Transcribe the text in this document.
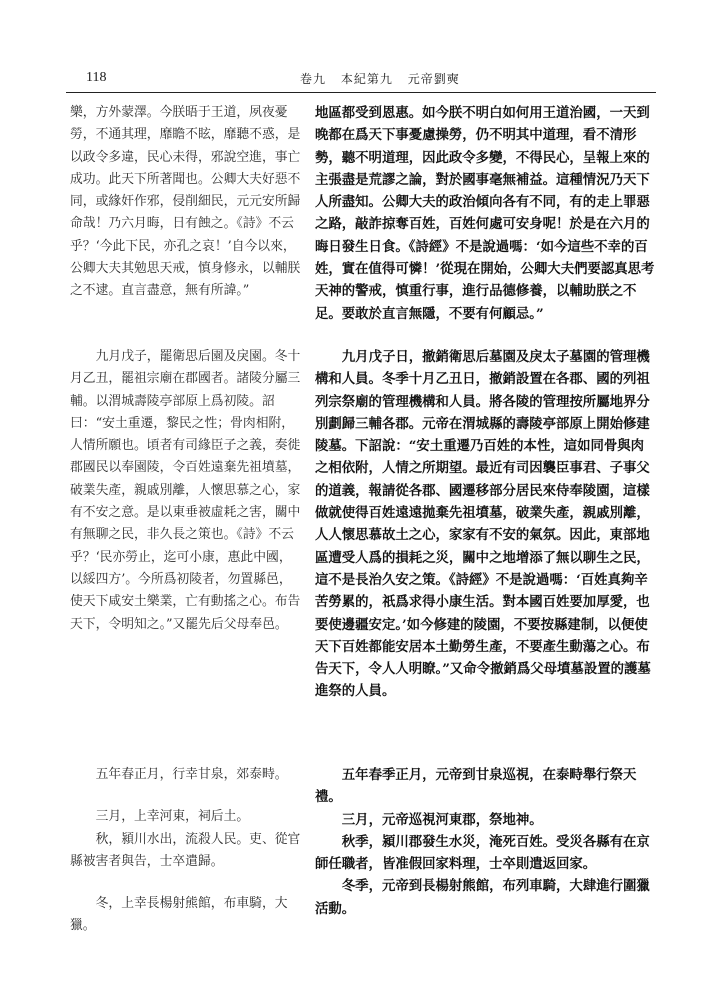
118	卷九 本紀第九 元帝劉奭

樂，方外蒙澤。今朕晤于王道，夙夜憂勞，不通其理，靡瞻不眩，靡聽不惑，是以政令多違，民心未得，邪說空進，事亡成功。此天下所著聞也。公卿大夫好惡不同，或緣奸作邪，侵削細民，元元安所歸命哉！乃六月晦，日有蝕之。《詩》不云乎？‘今此下民，亦孔之哀！’自今以來，公卿大夫其勉思天戒，慎身修永，以輔朕之不逮。直言盡意，無有所諱。”

九月戊子，罷衛思后園及戾園。冬十月乙丑，罷祖宗廟在郡國者。諸陵分屬三輔。以渭城壽陵亭部原上爲初陵。詔曰：“安土重遷，黎民之性；骨肉相附，人情所願也。頃者有司緣臣子之義，奏徙郡國民以奉園陵，令百姓遠棄先祖墳墓，破業失產，親戚別離，人懷思慕之心，家有不安之意。是以東垂被虛耗之害，關中有無聊之民，非久長之策也。《詩》不云乎？‘民亦勞止，迄可小康，惠此中國，以綏四方’。今所爲初陵者，勿置縣邑，使天下咸安土樂業，亡有動搖之心。布告天下，令明知之。”又罷先后父母奉邑。

五年春正月，行幸甘泉，郊泰畤。

三月，上幸河東，祠后土。

秋，潁川水出，流殺人民。吏、從官縣被害者與告，士卒遣歸。

冬，上幸長楊射熊館，布車騎，大獵。

地區都受到恩惠。如今朕不明白如何用王道治國，一天到晚都在爲天下事憂慮操勞，仍不明其中道理，看不清形勢，聽不明道理，因此政令多變，不得民心，呈報上來的主張盡是荒謬之論，對於國事毫無補益。這種情況乃天下人所盡知。公卿大夫的政治傾向各有不同，有的走上罪惡之路，敲詐掠奪百姓，百姓何處可安身呢！於是在六月的晦日發生日食。《詩經》不是說過嗎：‘如今這些不幸的百姓，實在值得可憐！’從現在開始，公卿大夫們要認真思考天神的警戒，慎重行事，進行品德修養，以輔助朕之不足。要敢於直言無隱，不要有何顧忌。”

九月戊子日，撤銷衛思后墓園及戾太子墓園的管理機構和人員。冬季十月乙丑日，撤銷設置在各郡、國的列祖列宗祭廟的管理機構和人員。將各陵的管理按所屬地界分別劃歸三輔各郡。元帝在渭城縣的壽陵亭部原上開始修建陵墓。下詔說：“安土重遷乃百姓的本性，這如同骨與肉之相依附，人情之所期望。最近有司因襲臣事君、子事父的道義，報請從各郡、國遷移部分居民來侍奉陵園，這樣做就使得百姓遠遠拋棄先祖墳墓，破業失產，親戚別離，人人懷思慕故土之心，家家有不安的氣氛。因此，東部地區遭受人爲的損耗之災，關中之地增添了無以聊生之民，這不是長治久安之策。《詩經》不是說過嗎：‘百姓真夠辛苦勞累的，祇爲求得小康生活。對本國百姓要加厚愛，也要使邊疆安定。’如今修建的陵園，不要按縣建制，以便使天下百姓都能安居本土勤勞生產，不要產生動蕩之心。布告天下，令人人明瞭。”又命令撤銷爲父母墳墓設置的護墓進祭的人員。

五年春季正月，元帝到甘泉巡視，在泰畤舉行祭天禮。

三月，元帝巡視河東郡，祭地神。

秋季，潁川郡發生水災，淹死百姓。受災各縣有在京師任職者，皆准假回家料理，士卒則遣返回家。

冬季，元帝到長楊射熊館，布列車騎，大肆進行圍獵活動。
